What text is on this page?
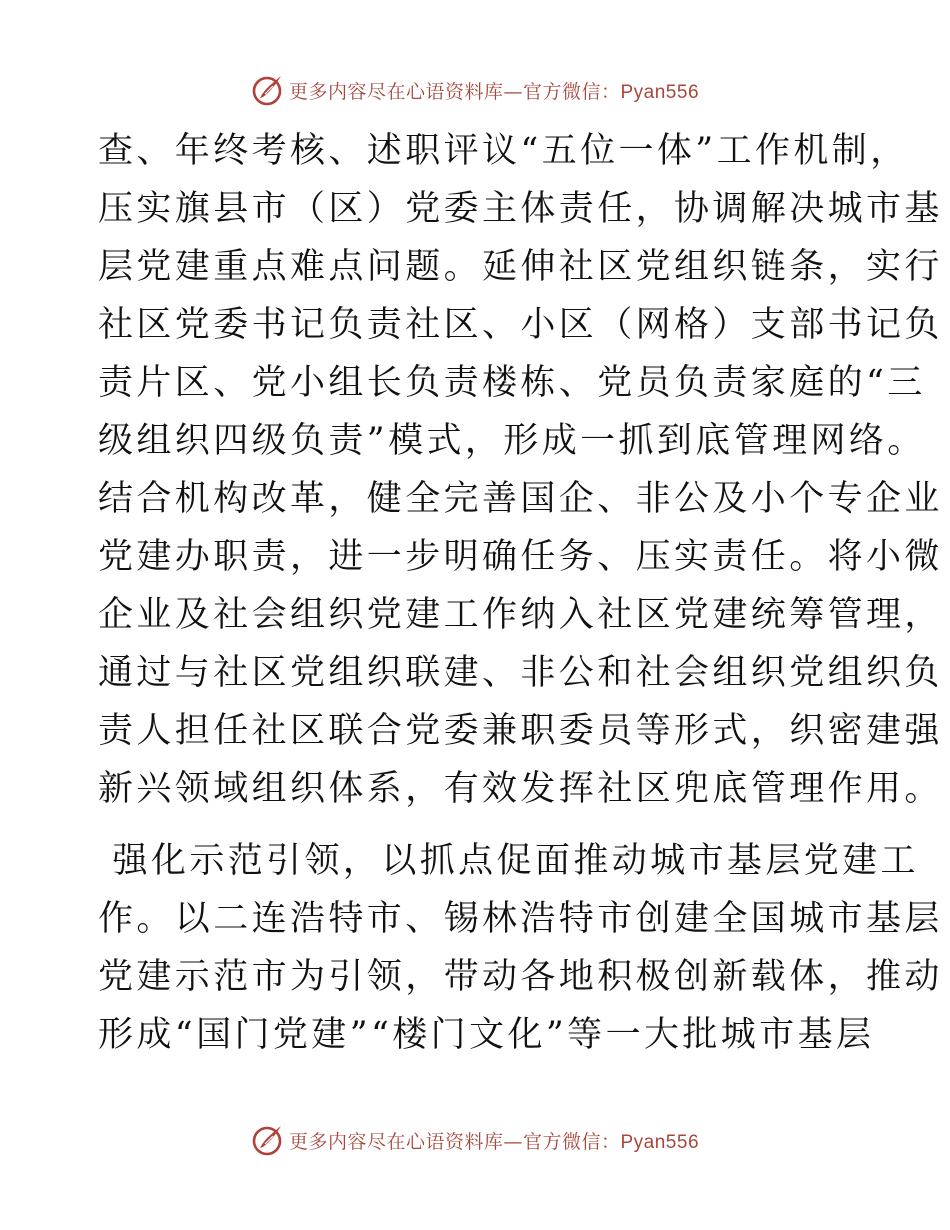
更多内容尽在心语资料库—官方微信：Pyan556
查、年终考核、述职评议“五位一体”工作机制，
压实旗县市（区）党委主体责任，协调解决城市基
层党建重点难点问题。延伸社区党组织链条，实行
社区党委书记负责社区、小区（网格）支部书记负
责片区、党小组长负责楼栋、党员负责家庭的“三
级组织四级负责”模式，形成一抓到底管理网络。
结合机构改革，健全完善国企、非公及小个专企业
党建办职责，进一步明确任务、压实责任。将小微
企业及社会组织党建工作纳入社区党建统筹管理，
通过与社区党组织联建、非公和社会组织党组织负
责人担任社区联合党委兼职委员等形式，织密建强
新兴领域组织体系，有效发挥社区兜底管理作用。
强化示范引领，以抓点促面推动城市基层党建工
作。以二连浩特市、锡林浩特市创建全国城市基层
党建示范市为引领，带动各地积极创新载体，推动
形成“国门党建”“楼门文化”等一大批城市基层
更多内容尽在心语资料库—官方微信：Pyan556
